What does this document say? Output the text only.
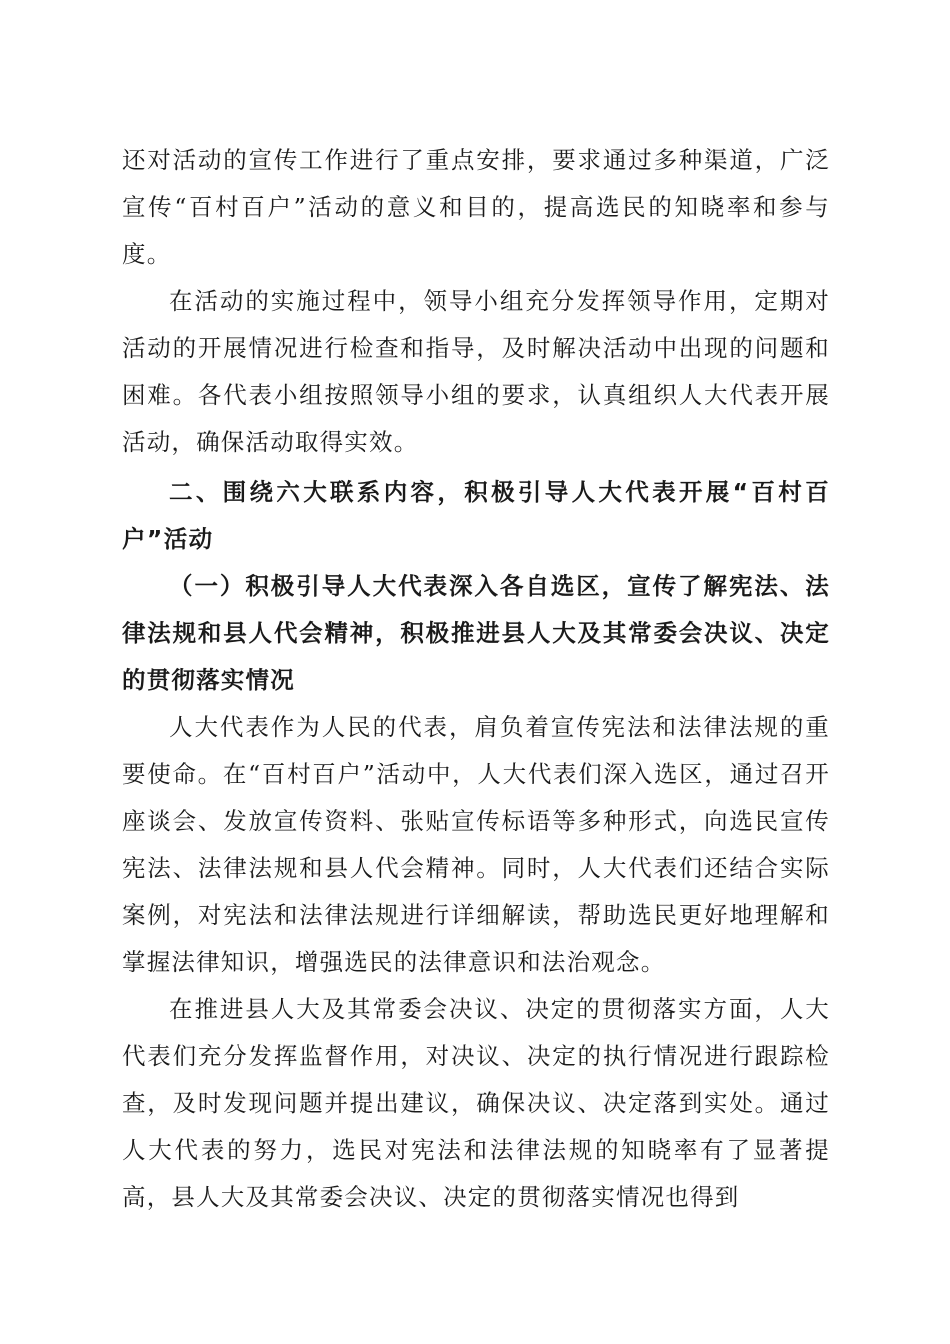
还对活动的宣传工作进行了重点安排，要求通过多种渠道，广泛宣传“百村百户”活动的意义和目的，提高选民的知晓率和参与度。

在活动的实施过程中，领导小组充分发挥领导作用，定期对活动的开展情况进行检查和指导，及时解决活动中出现的问题和困难。各代表小组按照领导小组的要求，认真组织人大代表开展活动，确保活动取得实效。

二、围绕六大联系内容，积极引导人大代表开展“百村百户”活动

（一）积极引导人大代表深入各自选区，宣传了解宪法、法律法规和县人代会精神，积极推进县人大及其常委会决议、决定的贯彻落实情况

人大代表作为人民的代表，肩负着宣传宪法和法律法规的重要使命。在“百村百户”活动中，人大代表们深入选区，通过召开座谈会、发放宣传资料、张贴宣传标语等多种形式，向选民宣传宪法、法律法规和县人代会精神。同时，人大代表们还结合实际案例，对宪法和法律法规进行详细解读，帮助选民更好地理解和掌握法律知识，增强选民的法律意识和法治观念。

在推进县人大及其常委会决议、决定的贯彻落实方面，人大代表们充分发挥监督作用，对决议、决定的执行情况进行跟踪检查，及时发现问题并提出建议，确保决议、决定落到实处。通过人大代表的努力，选民对宪法和法律法规的知晓率有了显著提高，县人大及其常委会决议、决定的贯彻落实情况也得到
